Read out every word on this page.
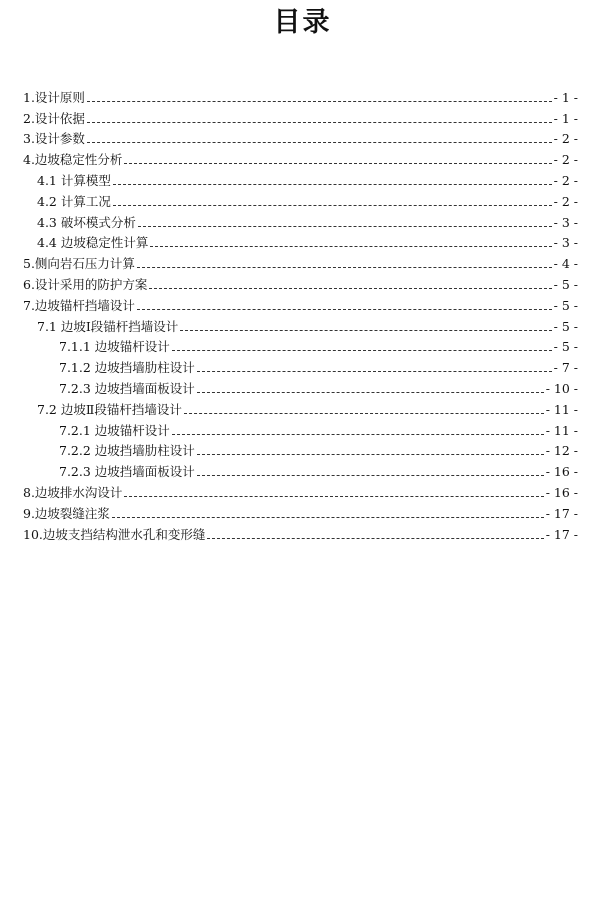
目录
1.设计原则	- 1 -
2.设计依据	- 1 -
3.设计参数	- 2 -
4.边坡稳定性分析	- 2 -
4.1 计算模型	- 2 -
4.2 计算工况	- 2 -
4.3 破坏模式分析	- 3 -
4.4 边坡稳定性计算	- 3 -
5.侧向岩石压力计算	- 4 -
6.设计采用的防护方案	- 5 -
7.边坡锚杆挡墙设计	- 5 -
7.1 边坡Ⅰ段锚杆挡墙设计	- 5 -
7.1.1 边坡锚杆设计	- 5 -
7.1.2 边坡挡墙肋柱设计	- 7 -
7.2.3 边坡挡墙面板设计	- 10 -
7.2 边坡Ⅱ段锚杆挡墙设计	- 11 -
7.2.1 边坡锚杆设计	- 11 -
7.2.2 边坡挡墙肋柱设计	- 12 -
7.2.3 边坡挡墙面板设计	- 16 -
8.边坡排水沟设计	- 16 -
9.边坡裂缝注浆	- 17 -
10.边坡支挡结构泄水孔和变形缝	- 17 -
